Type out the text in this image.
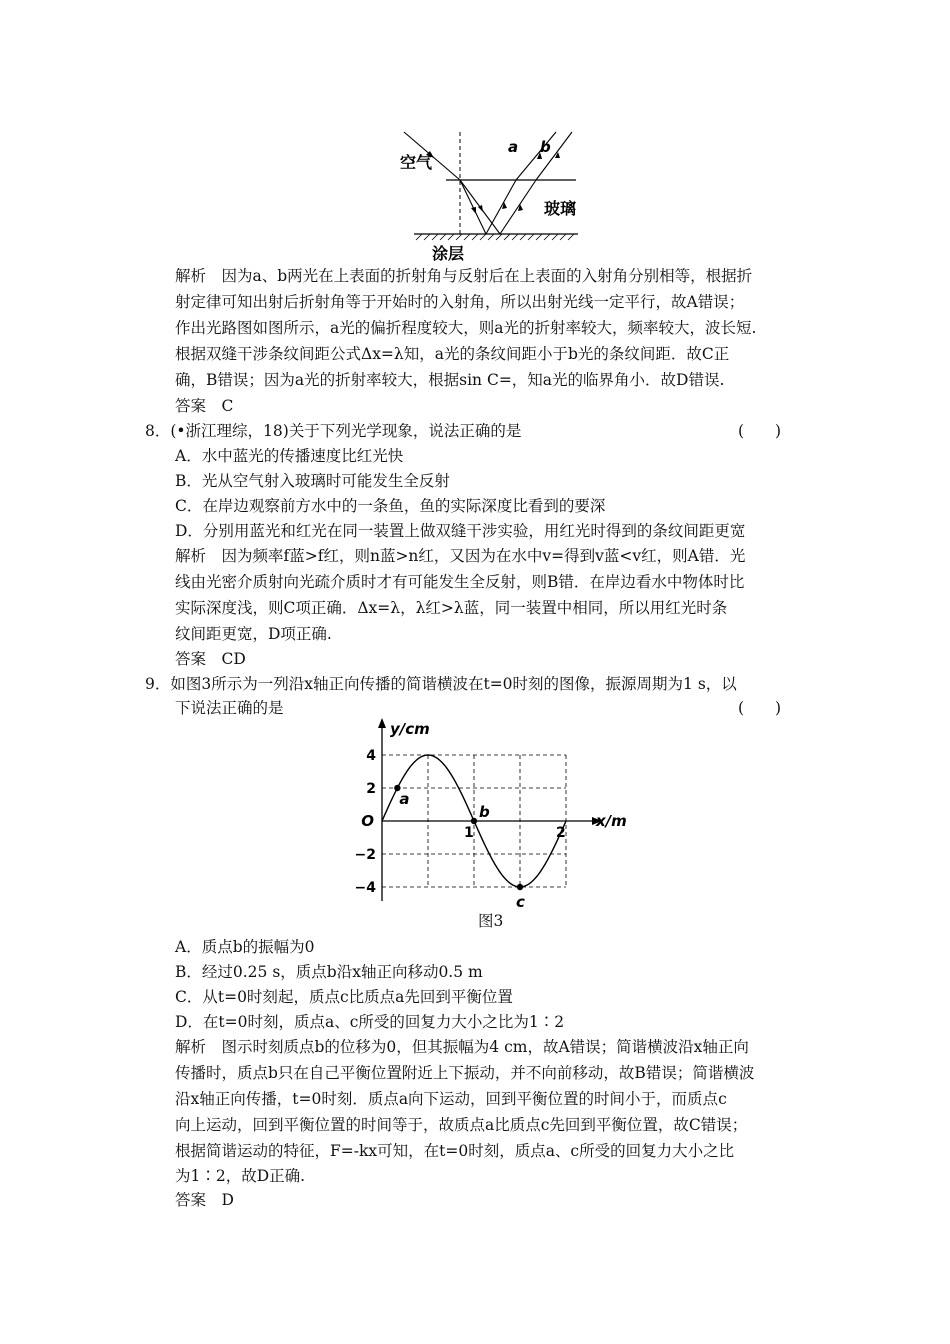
空气
玻璃
涂层
a b
解析　因为a、b两光在上表面的折射角与反射后在上表面的入射角分别相等，根据折
射定律可知出射后折射角等于开始时的入射角，所以出射光线一定平行，故A错误；
作出光路图如图所示，a光的偏折程度较大，则a光的折射率较大，频率较大，波长短.
根据双缝干涉条纹间距公式Δx=λ知，a光的条纹间距小于b光的条纹间距．故C正
确，B错误；因为a光的折射率较大，根据sin C=，知a光的临界角小．故D错误.
答案　C
8．(•浙江理综，18)关于下列光学现象，说法正确的是	(　　)
A．水中蓝光的传播速度比红光快
B．光从空气射入玻璃时可能发生全反射
C．在岸边观察前方水中的一条鱼，鱼的实际深度比看到的要深
D．分别用蓝光和红光在同一装置上做双缝干涉实验，用红光时得到的条纹间距更宽
解析　因为频率f蓝>f红，则n蓝>n红，又因为在水中v=得到v蓝<v红，则A错．光
线由光密介质射向光疏介质时才有可能发生全反射，则B错．在岸边看水中物体时比
实际深度浅，则C项正确．Δx=λ，λ红>λ蓝，同一装置中相同，所以用红光时条
纹间距更宽，D项正确.
答案　CD
9．如图3所示为一列沿x轴正向传播的简谐横波在t=0时刻的图像，振源周期为1 s，以
下说法正确的是	(　　)
y/cm
x/m
4
2
−2
−4
O
1	2
a
b
c
图3
A．质点b的振幅为0
B．经过0.25 s，质点b沿x轴正向移动0.5 m
C．从t=0时刻起，质点c比质点a先回到平衡位置
D．在t=0时刻，质点a、c所受的回复力大小之比为1∶2
解析　图示时刻质点b的位移为0，但其振幅为4 cm，故A错误；简谐横波沿x轴正向
传播时，质点b只在自己平衡位置附近上下振动，并不向前移动，故B错误；简谐横波
沿x轴正向传播，t=0时刻．质点a向下运动，回到平衡位置的时间小于，而质点c
向上运动，回到平衡位置的时间等于，故质点a比质点c先回到平衡位置，故C错误；
根据简谐运动的特征，F=-kx可知，在t=0时刻，质点a、c所受的回复力大小之比
为1∶2，故D正确.
答案　D
